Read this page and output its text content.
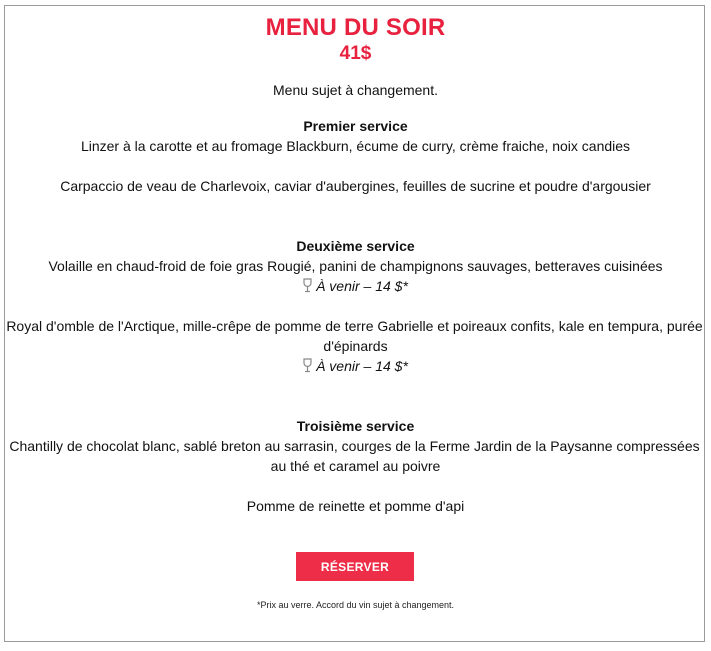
MENU DU SOIR
41$
Menu sujet à changement.
Premier service
Linzer à la carotte et au fromage Blackburn, écume de curry, crème fraiche, noix candies
Carpaccio de veau de Charlevoix, caviar d'aubergines, feuilles de sucrine et poudre d'argousier
Deuxième service
Volaille en chaud-froid de foie gras Rougié, panini de champignons sauvages, betteraves cuisinées
À venir – 14 $*
Royal d'omble de l'Arctique, mille-crêpe de pomme de terre Gabrielle et poireaux confits, kale en tempura, purée
d'épinards
À venir – 14 $*
Troisième service
Chantilly de chocolat blanc, sablé breton au sarrasin, courges de la Ferme Jardin de la Paysanne compressées
au thé et caramel au poivre
Pomme de reinette et pomme d'api
RÉSERVER
*Prix au verre. Accord du vin sujet à changement.
